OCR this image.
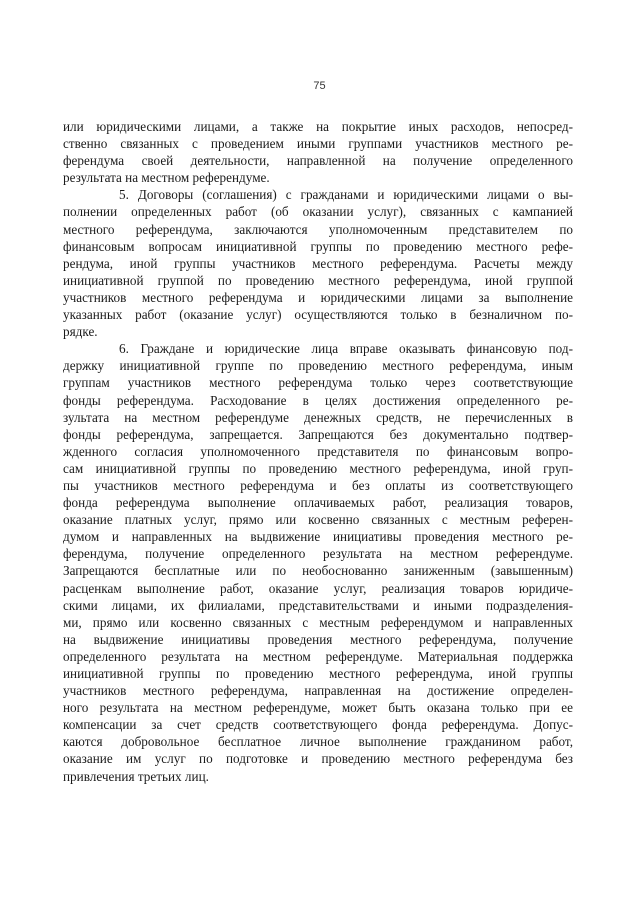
75
или юридическими лицами, а также на покрытие иных расходов, непосред-
ственно связанных с проведением иными группами участников местного ре-
ферендума своей деятельности, направленной на получение определенного
результата на местном референдуме.
5. Договоры (соглашения) с гражданами и юридическими лицами о вы-
полнении определенных работ (об оказании услуг), связанных с кампанией
местного референдума, заключаются уполномоченным представителем по
финансовым вопросам инициативной группы по проведению местного рефе-
рендума, иной группы участников местного референдума. Расчеты между
инициативной группой по проведению местного референдума, иной группой
участников местного референдума и юридическими лицами за выполнение
указанных работ (оказание услуг) осуществляются только в безналичном по-
рядке.
6. Граждане и юридические лица вправе оказывать финансовую под-
держку инициативной группе по проведению местного референдума, иным
группам участников местного референдума только через соответствующие
фонды референдума. Расходование в целях достижения определенного ре-
зультата на местном референдуме денежных средств, не перечисленных в
фонды референдума, запрещается. Запрещаются без документально подтвер-
жденного согласия уполномоченного представителя по финансовым вопро-
сам инициативной группы по проведению местного референдума, иной груп-
пы участников местного референдума и без оплаты из соответствующего
фонда референдума выполнение оплачиваемых работ, реализация товаров,
оказание платных услуг, прямо или косвенно связанных с местным референ-
думом и направленных на выдвижение инициативы проведения местного ре-
ферендума, получение определенного результата на местном референдуме.
Запрещаются бесплатные или по необоснованно заниженным (завышенным)
расценкам выполнение работ, оказание услуг, реализация товаров юридиче-
скими лицами, их филиалами, представительствами и иными подразделения-
ми, прямо или косвенно связанных с местным референдумом и направленных
на выдвижение инициативы проведения местного референдума, получение
определенного результата на местном референдуме. Материальная поддержка
инициативной группы по проведению местного референдума, иной группы
участников местного референдума, направленная на достижение определен-
ного результата на местном референдуме, может быть оказана только при ее
компенсации за счет средств соответствующего фонда референдума. Допус-
каются добровольное бесплатное личное выполнение гражданином работ,
оказание им услуг по подготовке и проведению местного референдума без
привлечения третьих лиц.
